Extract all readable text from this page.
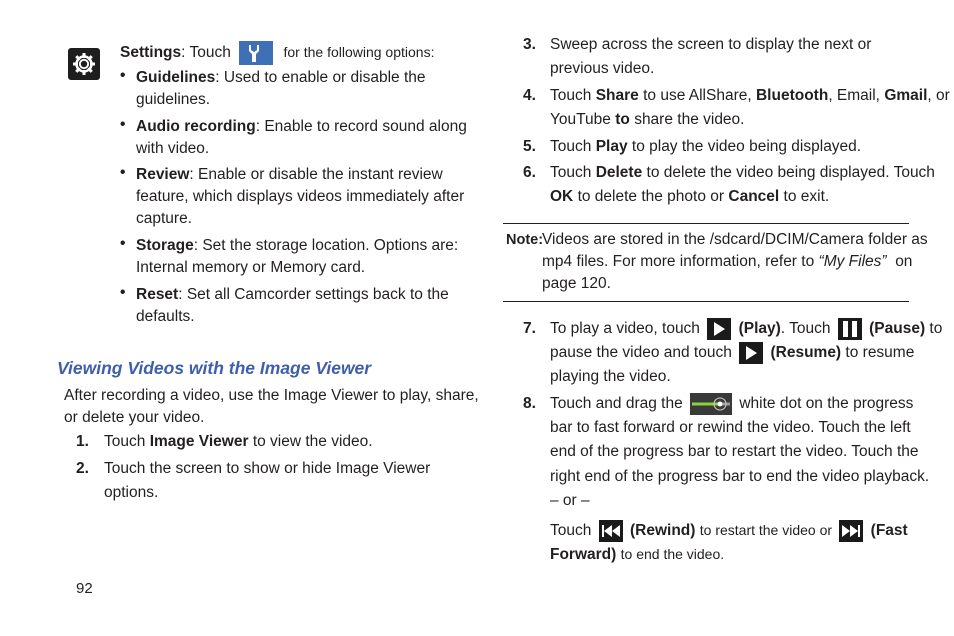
Settings: Touch	for the following options:
• Guidelines: Used to enable or disable the
guidelines.
• Audio recording: Enable to record sound along
with video.
• Review: Enable or disable the instant review
feature, which displays videos immediately after
capture.
• Storage: Set the storage location. Options are:
Internal memory or Memory card.
• Reset: Set all Camcorder settings back to the
defaults.
Viewing Videos with the Image Viewer
After recording a video, use the Image Viewer to play, share,
or delete your video.
1. Touch Image Viewer to view the video.
2. Touch the screen to show or hide Image Viewer
options.
3. Sweep across the screen to display the next or
previous video.
4. Touch Share to use AllShare, Bluetooth, Email, Gmail, or
YouTube to share the video.
5. Touch Play to play the video being displayed.
6. Touch Delete to delete the video being displayed. Touch
OK to delete the photo or Cancel to exit.
Note:
Videos are stored in the /sdcard/DCIM/Camera folder as
mp4 files. For more information, refer to “My Files” on
page 120.
7. To play a video, touch (Play). Touch (Pause) to
pause the video and touch (Resume) to resume
playing the video.
8. Touch and drag the	white dot on the progress
bar to fast forward or rewind the video. Touch the left
end of the progress bar to restart the video. Touch the
right end of the progress bar to end the video playback.
– or –
Touch (Rewind) to restart the video or (Fast
Forward) to end the video.
92
